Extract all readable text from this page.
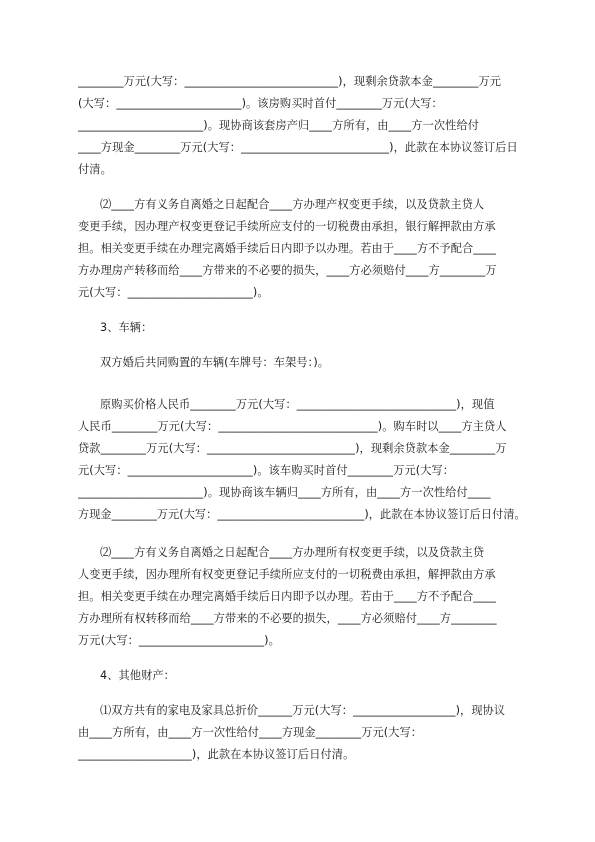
________万元(大写：___________________________)，现剩余贷款本金________万元
(大写：______________________)。该房购买时首付________万元(大写：
______________________)。现协商该套房产归____方所有，由____方一次性给付
____方现金________万元(大写：__________________________)，此款在本协议签订后日
付清。
⑵____方有义务自离婚之日起配合____方办理产权变更手续，以及贷款主贷人
变更手续，因办理产权变更登记手续所应支付的一切税费由承担，银行解押款由方承
担。相关变更手续在办理完离婚手续后日内即予以办理。若由于____方不予配合____
方办理房产转移而给____方带来的不必要的损失，____方必须赔付____方________万
元(大写：______________________)。
3、车辆：
双方婚后共同购置的车辆(车牌号：车架号：)。
原购买价格人民币________万元(大写：____________________________)，现值
人民币________万元(大写：____________________________)。购车时以____方主贷人
贷款________万元(大写：__________________________)，现剩余贷款本金________万
元(大写：______________________)。该车购买时首付________万元(大写：
______________________)。现协商该车辆归____方所有，由____方一次性给付____
方现金________万元(大写：__________________________)，此款在本协议签订后日付清。
⑵____方有义务自离婚之日起配合____方办理所有权变更手续，以及贷款主贷
人变更手续，因办理所有权变更登记手续所应支付的一切税费由承担，解押款由方承
担。相关变更手续在办理完离婚手续后日内即予以办理。若由于____方不予配合____
方办理所有权转移而给____方带来的不必要的损失，____方必须赔付____方________
万元(大写：______________________)。
4、其他财产：
⑴双方共有的家电及家具总折价______万元(大写：__________________)，现协议
由____方所有，由____方一次性给付____方现金________万元(大写：
____________________)，此款在本协议签订后日付清。
